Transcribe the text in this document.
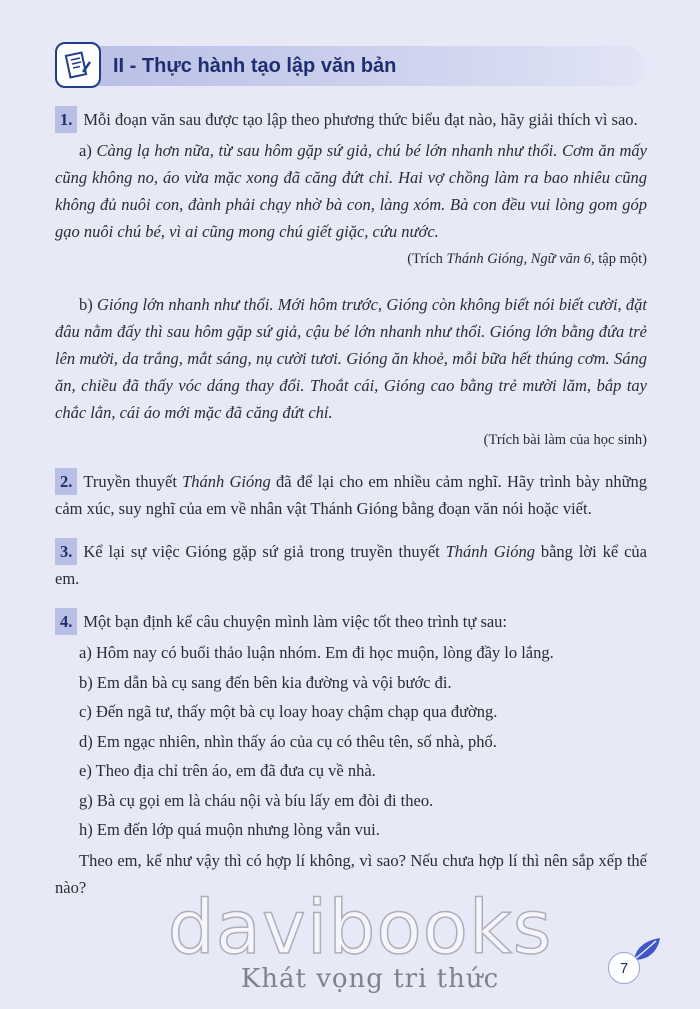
II - Thực hành tạo lập văn bản

1. Mỗi đoạn văn sau được tạo lập theo phương thức biểu đạt nào, hãy giải thích vì sao.

a) Càng lạ hơn nữa, từ sau hôm gặp sứ giả, chú bé lớn nhanh như thổi. Cơm ăn mấy cũng không no, áo vừa mặc xong đã căng đứt chỉ. Hai vợ chồng làm ra bao nhiêu cũng không đủ nuôi con, đành phải chạy nhờ bà con, làng xóm. Bà con đều vui lòng gom góp gạo nuôi chú bé, vì ai cũng mong chú giết giặc, cứu nước.

(Trích Thánh Gióng, Ngữ văn 6, tập một)

b) Gióng lớn nhanh như thổi. Mới hôm trước, Gióng còn không biết nói biết cười, đặt đâu nằm đấy thì sau hôm gặp sứ giả, cậu bé lớn nhanh như thổi. Gióng lớn bằng đứa trẻ lên mười, da trắng, mắt sáng, nụ cười tươi. Gióng ăn khoẻ, mỗi bữa hết thúng cơm. Sáng ăn, chiều đã thấy vóc dáng thay đổi. Thoắt cái, Gióng cao bằng trẻ mười lăm, bắp tay chắc lẳn, cái áo mới mặc đã căng đứt chỉ.

(Trích bài làm của học sinh)

2. Truyền thuyết Thánh Gióng đã để lại cho em nhiều cảm nghĩ. Hãy trình bày những cảm xúc, suy nghĩ của em về nhân vật Thánh Gióng bằng đoạn văn nói hoặc viết.

3. Kể lại sự việc Gióng gặp sứ giả trong truyền thuyết Thánh Gióng bằng lời kể của em.

4. Một bạn định kể câu chuyện mình làm việc tốt theo trình tự sau:

a) Hôm nay có buổi thảo luận nhóm. Em đi học muộn, lòng đầy lo lắng.

b) Em dẫn bà cụ sang đến bên kia đường và vội bước đi.

c) Đến ngã tư, thấy một bà cụ loay hoay chậm chạp qua đường.

d) Em ngạc nhiên, nhìn thấy áo của cụ có thêu tên, số nhà, phố.

e) Theo địa chỉ trên áo, em đã đưa cụ về nhà.

g) Bà cụ gọi em là cháu nội và bíu lấy em đòi đi theo.

h) Em đến lớp quá muộn nhưng lòng vẫn vui.

Theo em, kể như vậy thì có hợp lí không, vì sao? Nếu chưa hợp lí thì nên sắp xếp thế nào?	davibooks
Khát vọng tri thức	7
